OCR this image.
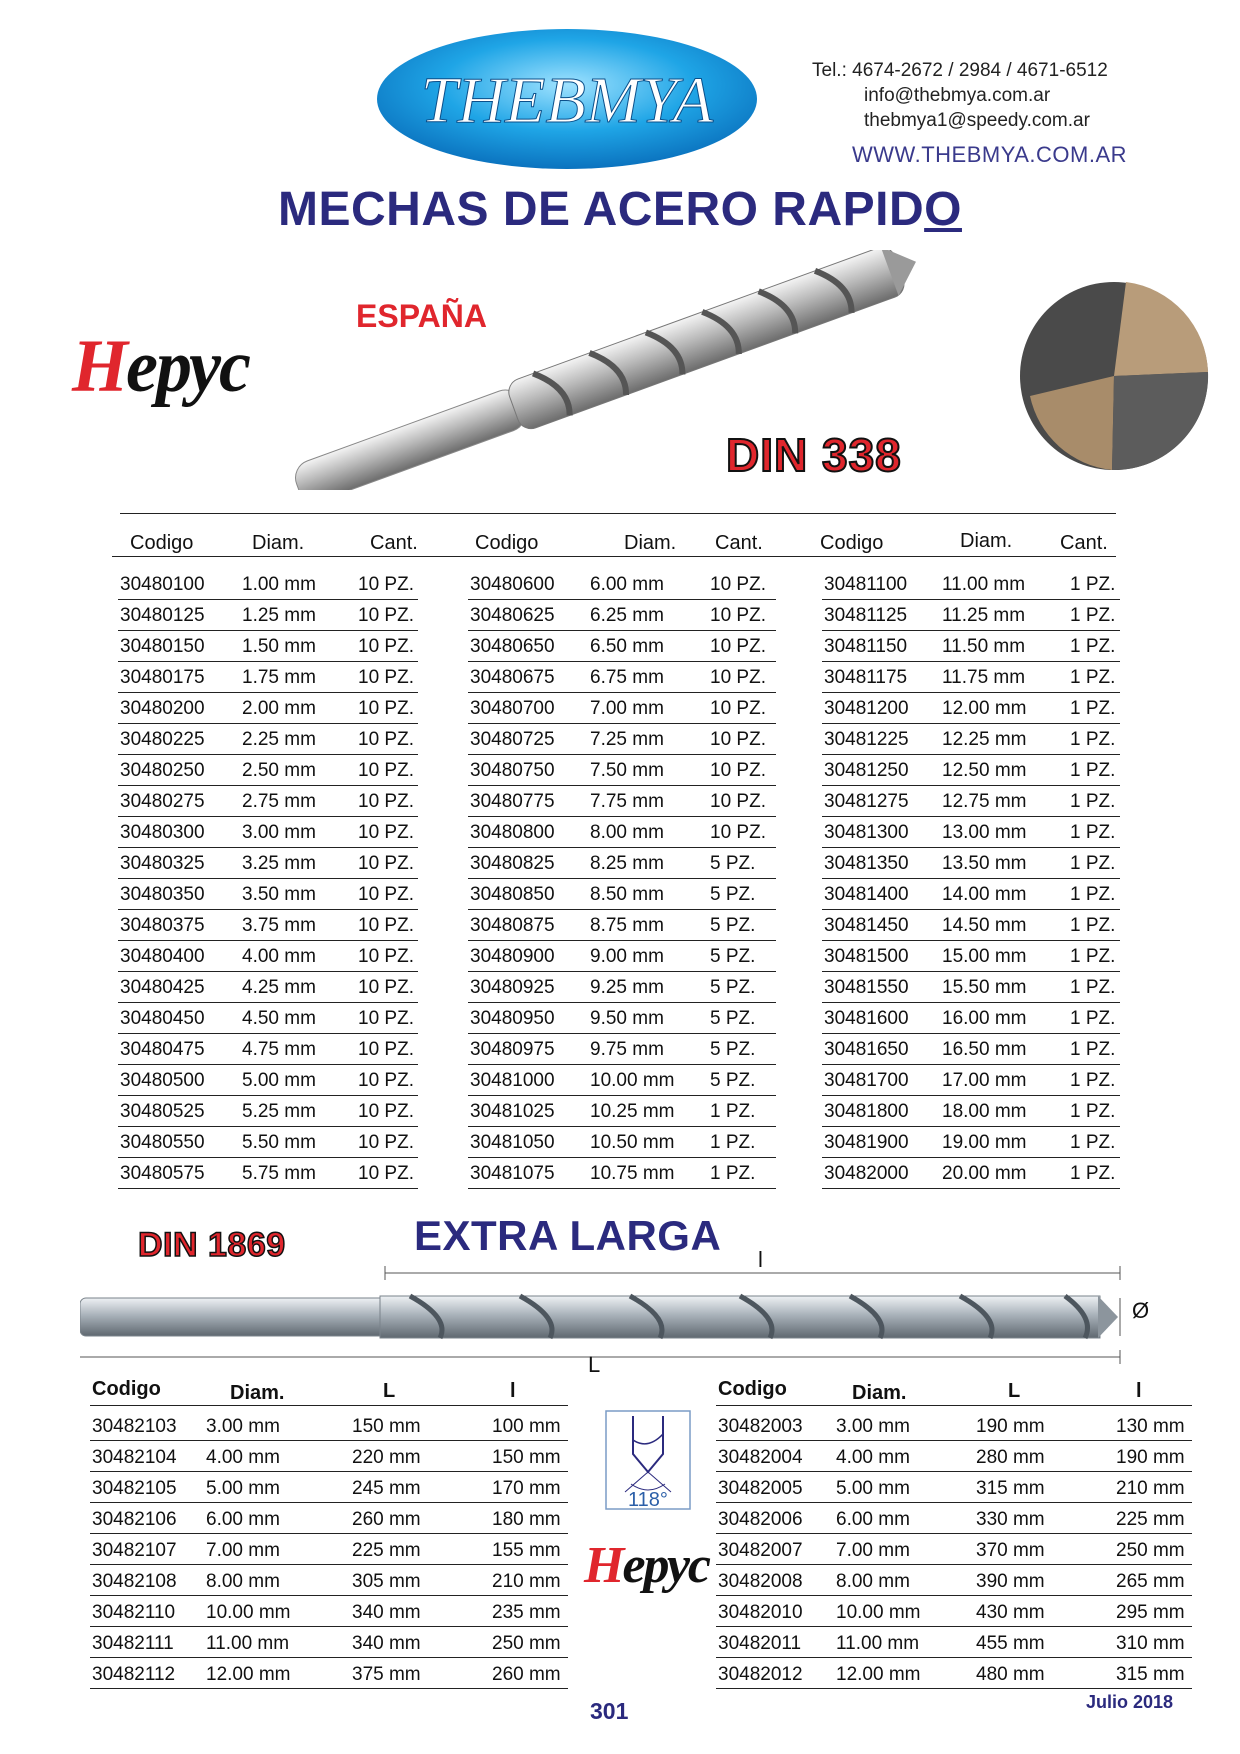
THEBMYA	Tel.: 4674-2672 / 2984 / 4671-6512
info@thebmya.com.ar
thebmya1@speedy.com.ar
WWW.THEBMYA.COM.AR
MECHAS DE ACERO RAPIDO
ESPAÑA
Нерус
DIN 338
Codigo	Diam.	Cant.	Codigo	Diam. Cant.	Codigo	Diam. Cant.
30480100 1.00 mm 10 PZ.
30480125 1.25 mm 10 PZ.
30480150 1.50 mm 10 PZ.
30480175 1.75 mm 10 PZ.
30480200 2.00 mm 10 PZ.
30480225 2.25 mm 10 PZ.
30480250 2.50 mm 10 PZ.
30480275 2.75 mm 10 PZ.
30480300 3.00 mm 10 PZ.
30480325 3.25 mm 10 PZ.
30480350 3.50 mm 10 PZ.
30480375 3.75 mm 10 PZ.
30480400 4.00 mm 10 PZ.
30480425 4.25 mm 10 PZ.
30480450 4.50 mm 10 PZ.
30480475 4.75 mm 10 PZ.
30480500 5.00 mm 10 PZ.
30480525 5.25 mm 10 PZ.
30480550 5.50 mm 10 PZ.
30480575 5.75 mm 10 PZ.
30480600 6.00 mm 10 PZ.
30480625 6.25 mm 10 PZ.
30480650 6.50 mm 10 PZ.
30480675 6.75 mm 10 PZ.
30480700 7.00 mm 10 PZ.
30480725 7.25 mm 10 PZ.
30480750 7.50 mm 10 PZ.
30480775 7.75 mm 10 PZ.
30480800 8.00 mm 10 PZ.
30480825 8.25 mm 5 PZ.
30480850 8.50 mm 5 PZ.
30480875 8.75 mm 5 PZ.
30480900 9.00 mm 5 PZ.
30480925 9.25 mm 5 PZ.
30480950 9.50 mm 5 PZ.
30480975 9.75 mm 5 PZ.
30481000 10.00 mm 5 PZ.
30481025 10.25 mm 1 PZ.
30481050 10.50 mm 1 PZ.
30481075 10.75 mm 1 PZ.
30481100 11.00 mm 1 PZ.
30481125 11.25 mm 1 PZ.
30481150 11.50 mm 1 PZ.
30481175 11.75 mm 1 PZ.
30481200 12.00 mm 1 PZ.
30481225 12.25 mm 1 PZ.
30481250 12.50 mm 1 PZ.
30481275 12.75 mm 1 PZ.
30481300 13.00 mm 1 PZ.
30481350 13.50 mm 1 PZ.
30481400 14.00 mm 1 PZ.
30481450 14.50 mm 1 PZ.
30481500 15.00 mm 1 PZ.
30481550 15.50 mm 1 PZ.
30481600 16.00 mm 1 PZ.
30481650 16.50 mm 1 PZ.
30481700 17.00 mm 1 PZ.
30481800 18.00 mm 1 PZ.
30481900 19.00 mm 1 PZ.
30482000 20.00 mm 1 PZ.
DIN 1869	EXTRA LARGA
l
L
Ø
Codigo	Diam.	L	l	Codigo	Diam.	L	l
30482103 3.00 mm	150 mm	100 mm
30482104 4.00 mm	220 mm	150 mm
30482105 5.00 mm	245 mm	170 mm
30482106 6.00 mm	260 mm	180 mm
30482107 7.00 mm	225 mm	155 mm
30482108 8.00 mm	305 mm	210 mm
30482110 10.00 mm	340 mm	235 mm
30482111 11.00 mm	340 mm	250 mm
30482112 12.00 mm	375 mm	260 mm
30482003 3.00 mm	190 mm	130 mm
30482004 4.00 mm	280 mm	190 mm
30482005 5.00 mm	315 mm	210 mm
30482006 6.00 mm	330 mm	225 mm
30482007 7.00 mm	370 mm	250 mm
30482008 8.00 mm	390 mm	265 mm
30482010 10.00 mm	430 mm	295 mm
30482011 11.00 mm	455 mm	310 mm
30482012 12.00 mm	480 mm	315 mm
118°
Нерус
301	Julio 2018
